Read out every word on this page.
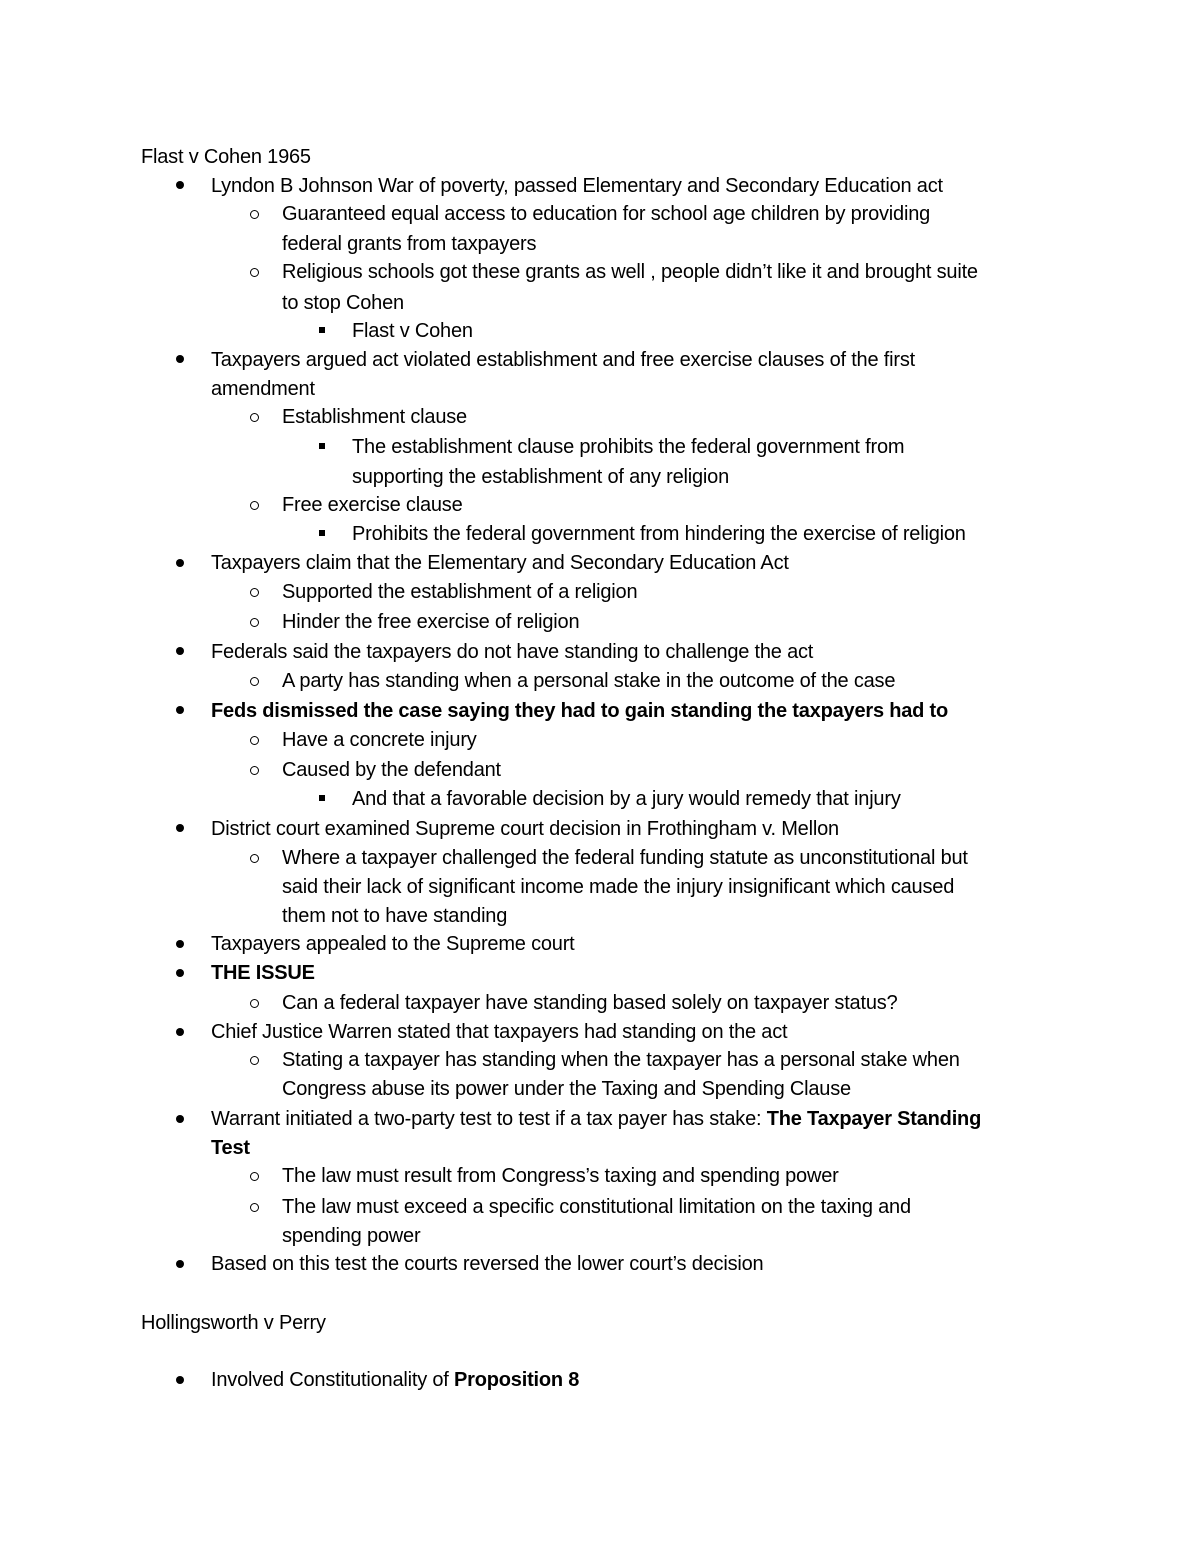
Flast v Cohen 1965
Lyndon B Johnson War of poverty, passed Elementary and Secondary Education act
Guaranteed equal access to education for school age children by providing
federal grants from taxpayers
Religious schools got these grants as well , people didn’t like it and brought suite
to stop Cohen
Flast v Cohen
Taxpayers argued act violated establishment and free exercise clauses of the first
amendment
Establishment clause
The establishment clause prohibits the federal government from
supporting the establishment of any religion
Free exercise clause
Prohibits the federal government from hindering the exercise of religion
Taxpayers claim that the Elementary and Secondary Education Act
Supported the establishment of a religion
Hinder the free exercise of religion
Federals said the taxpayers do not have standing to challenge the act
A party has standing when a personal stake in the outcome of the case
Feds dismissed the case saying they had to gain standing the taxpayers had to
Have a concrete injury
Caused by the defendant
And that a favorable decision by a jury would remedy that injury
District court examined Supreme court decision in Frothingham v. Mellon
Where a taxpayer challenged the federal funding statute as unconstitutional but
said their lack of significant income made the injury insignificant which caused
them not to have standing
Taxpayers appealed to the Supreme court
THE ISSUE
Can a federal taxpayer have standing based solely on taxpayer status?
Chief Justice Warren stated that taxpayers had standing on the act
Stating a taxpayer has standing when the taxpayer has a personal stake when
Congress abuse its power under the Taxing and Spending Clause
Warrant initiated a two-party test to test if a tax payer has stake: The Taxpayer Standing
Test
The law must result from Congress’s taxing and spending power
The law must exceed a specific constitutional limitation on the taxing and
spending power
Based on this test the courts reversed the lower court’s decision
Hollingsworth v Perry
Involved Constitutionality of Proposition 8
